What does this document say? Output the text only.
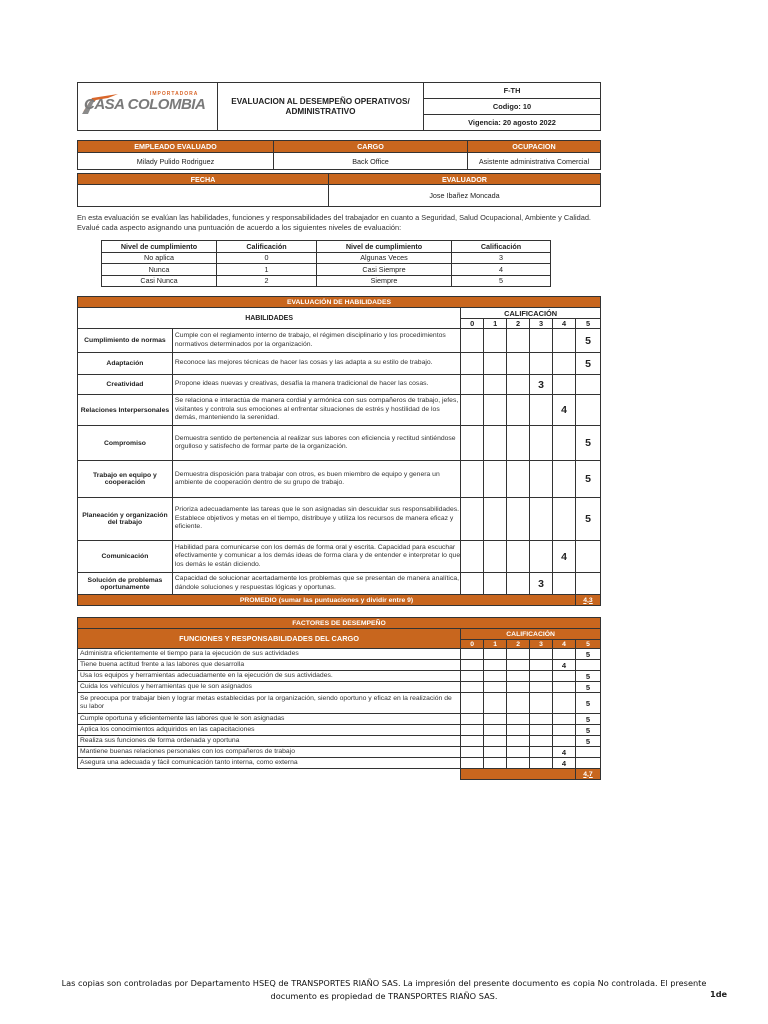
IMPORTADORA
CASA COLOMBIA	EVALUACION AL DESEMPEÑO OPERATIVOS/ ADMINISTRATIVO	F-TH
Codigo: 10
Vigencia: 20 agosto 2022
EMPLEADO EVALUADO	CARGO	OCUPACION
Milady Pulido Rodriguez	Back Office	Asistente administrativa Comercial
FECHA	EVALUADOR
	Jose Ibañez Moncada
En esta evaluación se evalúan las habilidades, funciones y responsabilidades del trabajador en cuanto a Seguridad, Salud Ocupacional, Ambiente y Calidad. Evalué cada aspecto asignando una puntuación de acuerdo a los siguientes niveles de evaluación:
Nivel de cumplimiento	Calificación	Nivel de cumplimiento	Calificación
No aplica	0	Algunas Veces	3
Nunca	1	Casi Siempre	4
Casi Nunca	2	Siempre	5
EVALUACIÓN DE HABILIDADES							
HABILIDADES		CALIFICACIÓN					
		0	1	2	3	4	5
Cumplimiento de normas	Cumple con el reglamento interno de trabajo, el régimen disciplinario y los procedimientos normativos determinados por la organización.						5
Adaptación	Reconoce las mejores técnicas de hacer las cosas y las adapta a su estilo de trabajo.						5
Creatividad	Propone ideas nuevas y creativas, desafía la manera tradicional de hacer las cosas.				3		
Relaciones Interpersonales	Se relaciona e interactúa de manera cordial y armónica con sus compañeros de trabajo, jefes, visitantes y controla sus emociones al enfrentar situaciones de estrés y hostilidad de los demás, manteniendo la serenidad.					4	
Compromiso	Demuestra sentido de pertenencia al realizar sus labores con eficiencia y rectitud sintiéndose orgulloso y satisfecho de formar parte de la organización.						5
Trabajo en equipo y cooperación	Demuestra disposición para trabajar con otros, es buen miembro de equipo y genera un ambiente de cooperación dentro de su grupo de trabajo.						5
Planeación y organización del trabajo	Prioriza adecuadamente las tareas que le son asignadas sin descuidar sus responsabilidades. Establece objetivos y metas en el tiempo, distribuye y utiliza los recursos de manera eficaz y eficiente.						5
Comunicación	Habilidad para comunicarse con los demás de forma oral y escrita. Capacidad para escuchar efectivamente y comunicar a los demás ideas de forma clara y de entender e interpretar lo que los demás le están diciendo.					4	
Solución de problemas oportunamente	Capacidad de solucionar acertadamente los problemas que se presentan de manera analítica, dándole soluciones y respuestas lógicas y oportunas.				3		
PROMEDIO (sumar las puntuaciones y dividir entre 9)							4,3
FACTORES DE DESEMPEÑO						
FUNCIONES Y RESPONSABILIDADES DEL CARGO	CALIFICACIÓN					
	0	1	2	3	4	5
Administra eficientemente el tiempo para la ejecución de sus actividades						5
Tiene buena actitud frente a las labores que desarrolla					4	
Usa los equipos y herramientas adecuadamente en la ejecución de sus actividades.						5
Cuida los vehículos y herramientas que le son asignados						5
Se preocupa por trabajar bien y lograr metas establecidas por la organización, siendo oportuno y eficaz en la realización de su labor						5
Cumple oportuna y eficientemente las labores que le son asignadas						5
Aplica los conocimientos adquiridos en las capacitaciones						5
Realiza sus funciones de forma ordenada y oportuna						5
Mantiene buenas relaciones personales con los compañeros de trabajo					4	
Asegura una adecuada y fácil comunicación tanto interna, como externa					4	
						4,7
Las copias son controladas por Departamento HSEQ de TRANSPORTES RIAÑO SAS. La impresión del presente documento es copia No controlada. El presente documento es propiedad de TRANSPORTES RIAÑO SAS.	1de
